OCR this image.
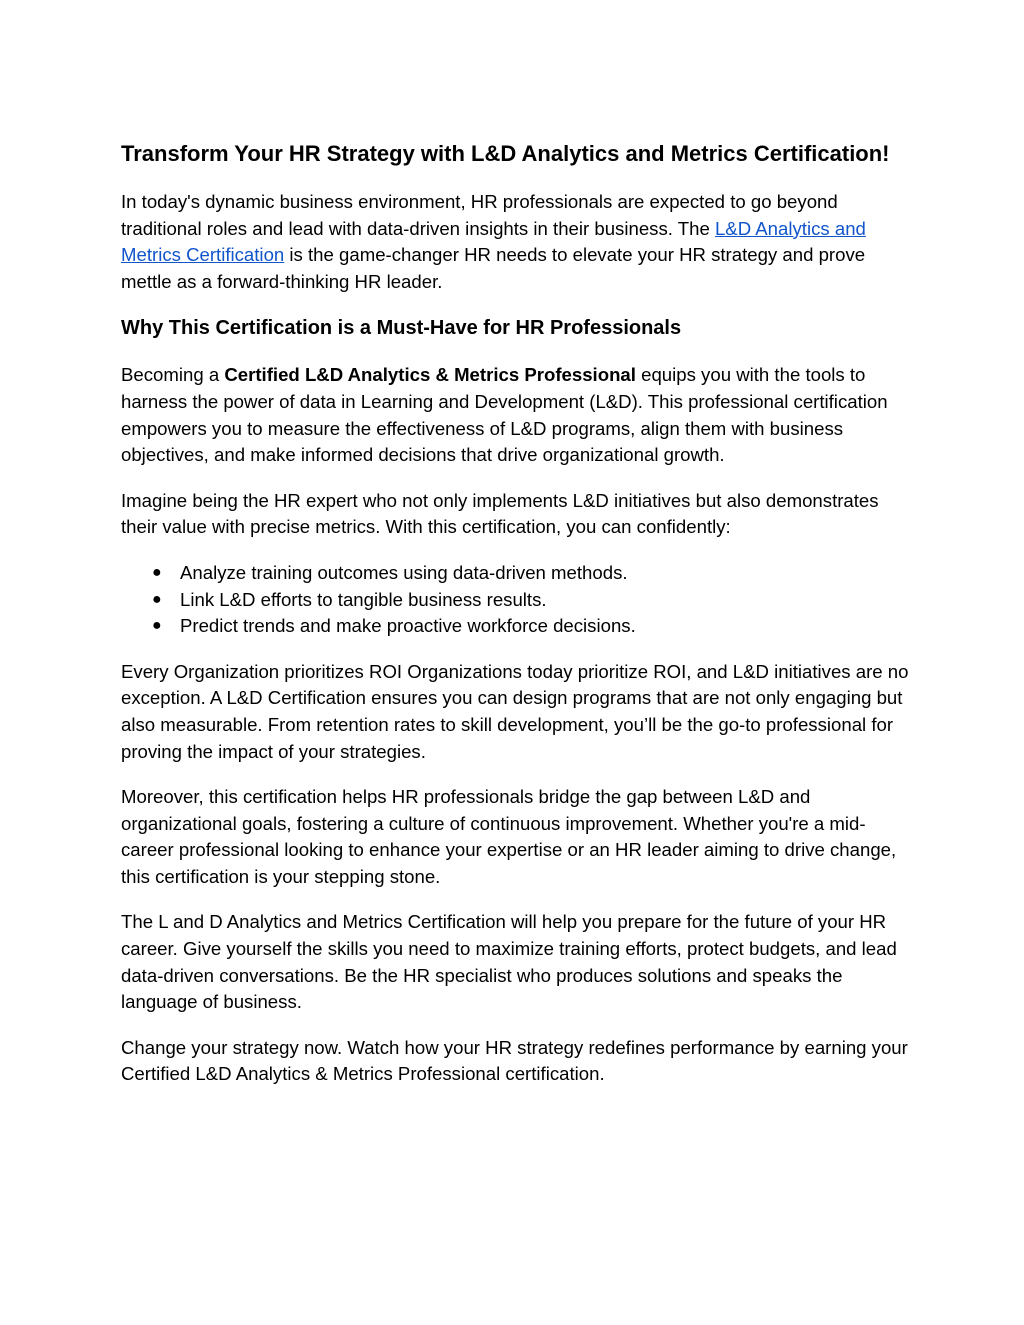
Transform Your HR Strategy with L&D Analytics and Metrics Certification!

In today's dynamic business environment, HR professionals are expected to go beyond traditional roles and lead with data-driven insights in their business. The L&D Analytics and Metrics Certification is the game-changer HR needs to elevate your HR strategy and prove mettle as a forward-thinking HR leader.

Why This Certification is a Must-Have for HR Professionals

Becoming a Certified L&D Analytics & Metrics Professional equips you with the tools to harness the power of data in Learning and Development (L&D). This professional certification empowers you to measure the effectiveness of L&D programs, align them with business objectives, and make informed decisions that drive organizational growth.

Imagine being the HR expert who not only implements L&D initiatives but also demonstrates their value with precise metrics. With this certification, you can confidently:

● Analyze training outcomes using data-driven methods.
● Link L&D efforts to tangible business results.
● Predict trends and make proactive workforce decisions.

Every Organization prioritizes ROI Organizations today prioritize ROI, and L&D initiatives are no exception. A L&D Certification ensures you can design programs that are not only engaging but also measurable. From retention rates to skill development, you’ll be the go-to professional for proving the impact of your strategies.

Moreover, this certification helps HR professionals bridge the gap between L&D and organizational goals, fostering a culture of continuous improvement. Whether you're a mid-career professional looking to enhance your expertise or an HR leader aiming to drive change, this certification is your stepping stone.

The L and D Analytics and Metrics Certification will help you prepare for the future of your HR career. Give yourself the skills you need to maximize training efforts, protect budgets, and lead data-driven conversations. Be the HR specialist who produces solutions and speaks the language of business.

Change your strategy now. Watch how your HR strategy redefines performance by earning your Certified L&D Analytics & Metrics Professional certification.
